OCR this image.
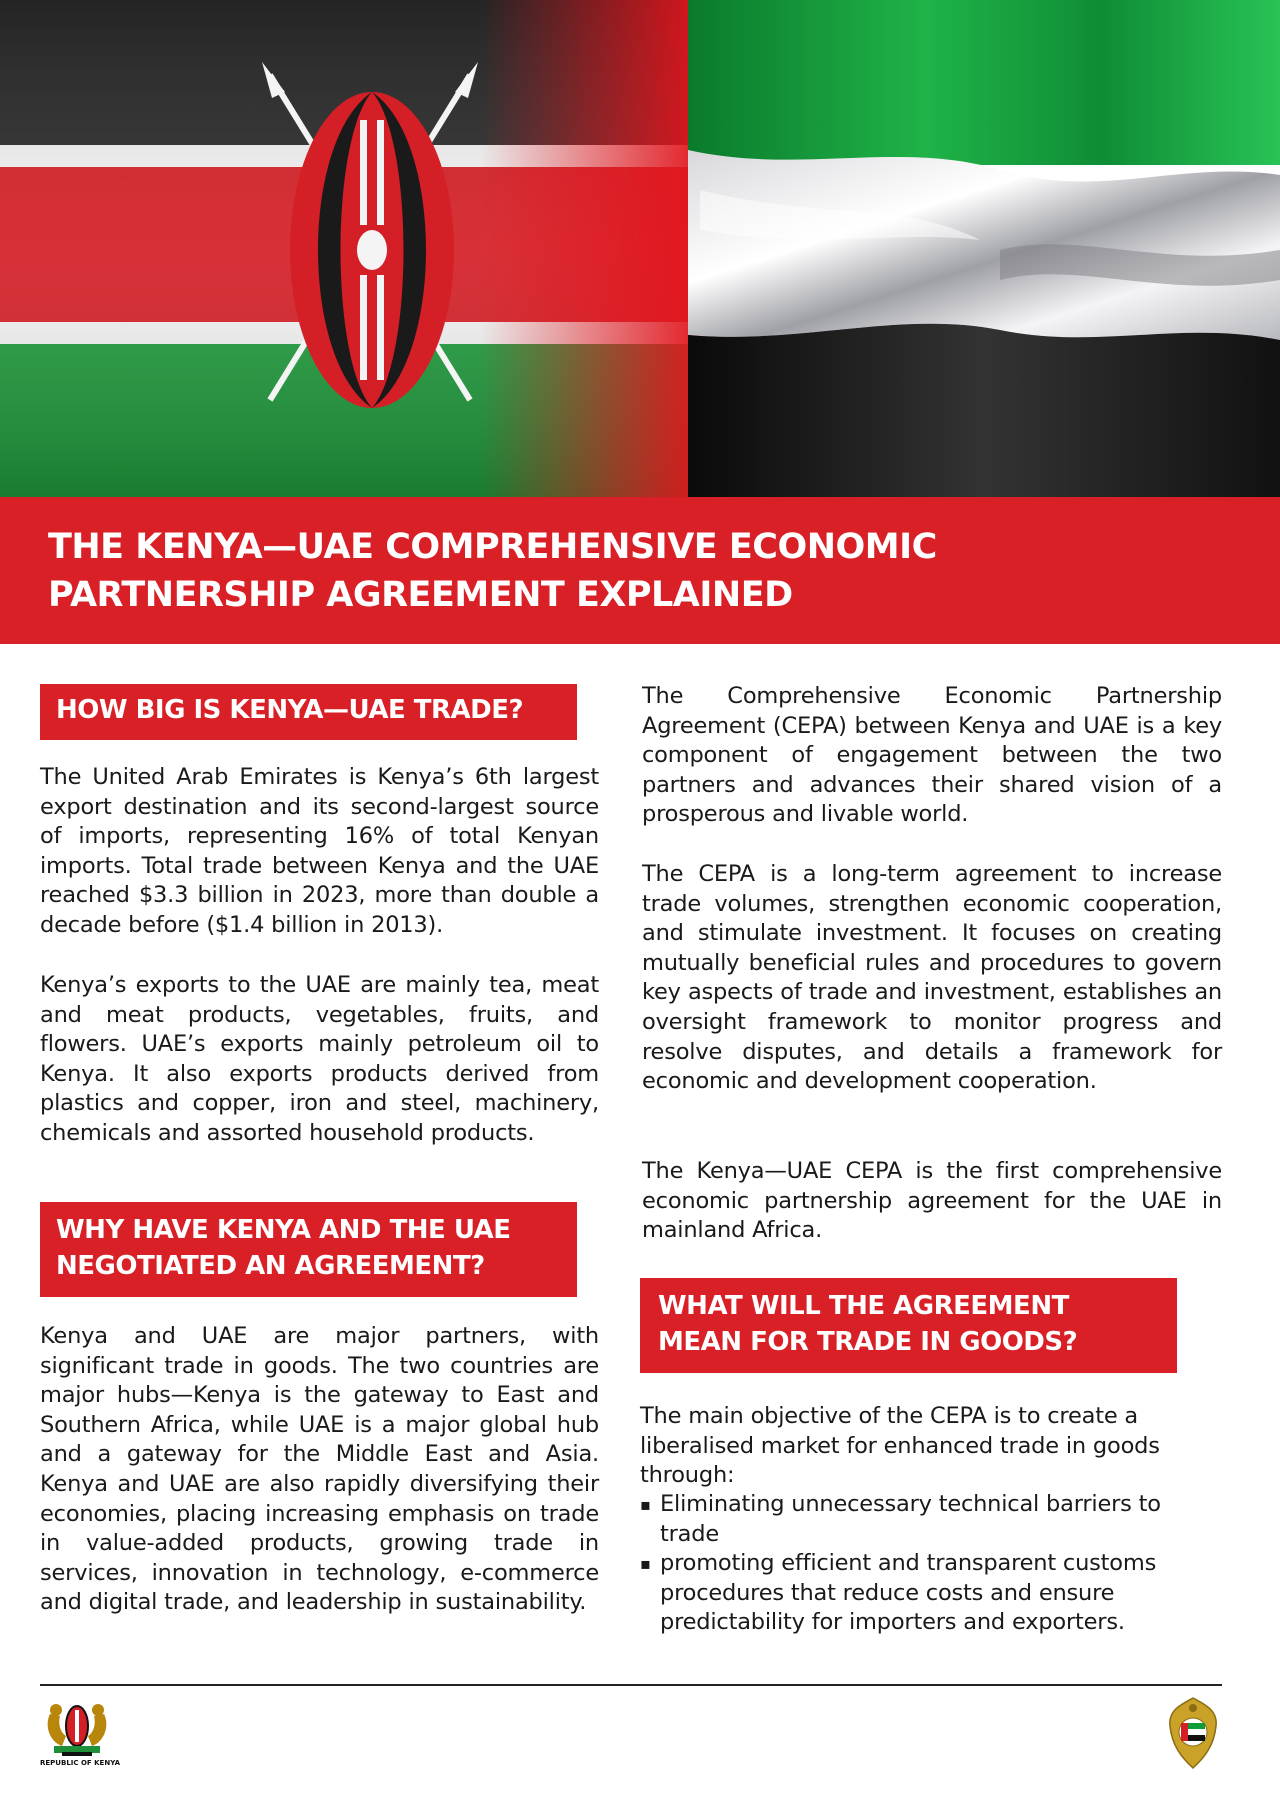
THE KENYA—UAE COMPREHENSIVE ECONOMIC
PARTNERSHIP AGREEMENT EXPLAINED
HOW BIG IS KENYA—UAE TRADE?

The United Arab Emirates is Kenya’s 6th largest export destination and its second-largest source of imports, representing 16% of total Kenyan imports. Total trade between Kenya and the UAE reached $3.3 billion in 2023, more than double a decade before ($1.4 billion in 2013).

Kenya’s exports to the UAE are mainly tea, meat and meat products, vegetables, fruits, and flowers. UAE’s exports mainly petroleum oil to Kenya. It also exports products derived from plastics and copper, iron and steel, machinery, chemicals and assorted household products.

WHY HAVE KENYA AND THE UAE
NEGOTIATED AN AGREEMENT?

Kenya and UAE are major partners, with significant trade in goods. The two countries are major hubs—Kenya is the gateway to East and Southern Africa, while UAE is a major global hub and a gateway for the Middle East and Asia. Kenya and UAE are also rapidly diversifying their economies, placing increasing emphasis on trade in value-added products, growing trade in services, innovation in technology, e-commerce and digital trade, and leadership in sustainability.

The Comprehensive Economic Partnership Agreement (CEPA) between Kenya and UAE is a key component of engagement between the two partners and advances their shared vision of a prosperous and livable world.

The CEPA is a long-term agreement to increase trade volumes, strengthen economic cooperation, and stimulate investment. It focuses on creating mutually beneficial rules and procedures to govern key aspects of trade and investment, establishes an oversight framework to monitor progress and resolve disputes, and details a framework for economic and development cooperation.

The Kenya—UAE CEPA is the first comprehensive economic partnership agreement for the UAE in mainland Africa.

WHAT WILL THE AGREEMENT
MEAN FOR TRADE IN GOODS?

The main objective of the CEPA is to create a liberalised market for enhanced trade in goods through:

▪ Eliminating unnecessary technical barriers to trade
▪ promoting efficient and transparent customs procedures that reduce costs and ensure predictability for importers and exporters.
REPUBLIC OF KENYA
